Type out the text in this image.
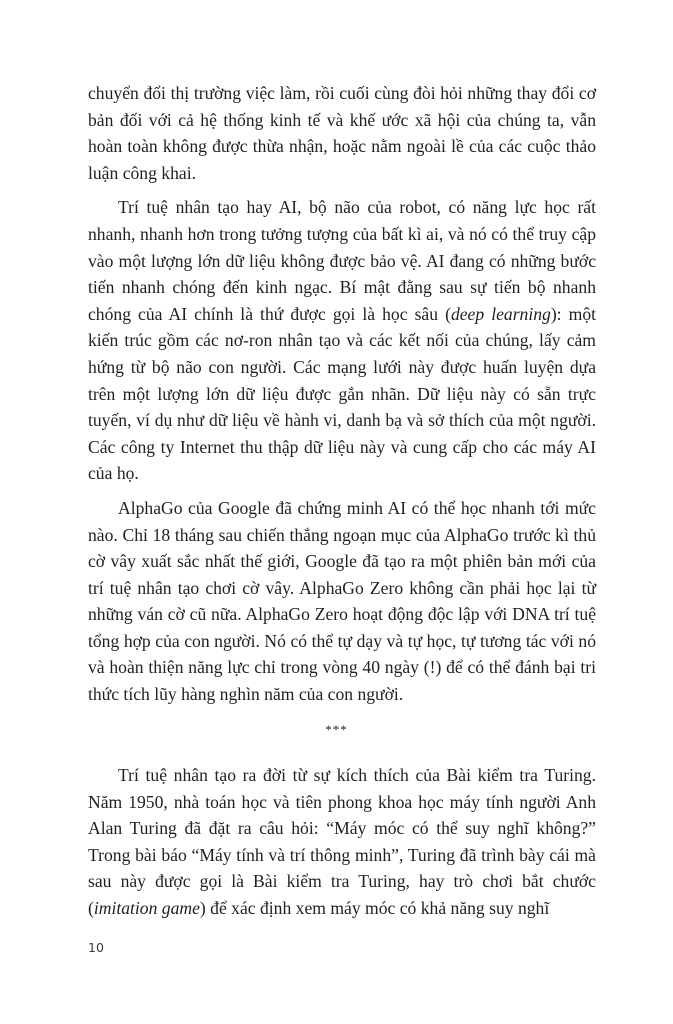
chuyển đổi thị trường việc làm, rồi cuối cùng đòi hỏi những thay đổi cơ bản đối với cả hệ thống kinh tế và khế ước xã hội của chúng ta, vẫn hoàn toàn không được thừa nhận, hoặc nằm ngoài lề của các cuộc thảo luận công khai.

Trí tuệ nhân tạo hay AI, bộ não của robot, có năng lực học rất nhanh, nhanh hơn trong tưởng tượng của bất kì ai, và nó có thể truy cập vào một lượng lớn dữ liệu không được bảo vệ. AI đang có những bước tiến nhanh chóng đến kinh ngạc. Bí mật đằng sau sự tiến bộ nhanh chóng của AI chính là thứ được gọi là học sâu (deep learning): một kiến trúc gồm các nơ-ron nhân tạo và các kết nối của chúng, lấy cảm hứng từ bộ não con người. Các mạng lưới này được huấn luyện dựa trên một lượng lớn dữ liệu được gắn nhãn. Dữ liệu này có sẵn trực tuyến, ví dụ như dữ liệu về hành vi, danh bạ và sở thích của một người. Các công ty Internet thu thập dữ liệu này và cung cấp cho các máy AI của họ.

AlphaGo của Google đã chứng minh AI có thể học nhanh tới mức nào. Chỉ 18 tháng sau chiến thắng ngoạn mục của AlphaGo trước kì thủ cờ vây xuất sắc nhất thế giới, Google đã tạo ra một phiên bản mới của trí tuệ nhân tạo chơi cờ vây. AlphaGo Zero không cần phải học lại từ những ván cờ cũ nữa. AlphaGo Zero hoạt động độc lập với DNA trí tuệ tổng hợp của con người. Nó có thể tự dạy và tự học, tự tương tác với nó và hoàn thiện năng lực chỉ trong vòng 40 ngày (!) để có thể đánh bại tri thức tích lũy hàng nghìn năm của con người.

***

Trí tuệ nhân tạo ra đời từ sự kích thích của Bài kiểm tra Turing. Năm 1950, nhà toán học và tiên phong khoa học máy tính người Anh Alan Turing đã đặt ra câu hỏi: “Máy móc có thể suy nghĩ không?” Trong bài báo “Máy tính và trí thông minh”, Turing đã trình bày cái mà sau này được gọi là Bài kiểm tra Turing, hay trò chơi bắt chước (imitation game) để xác định xem máy móc có khả năng suy nghĩ

10
